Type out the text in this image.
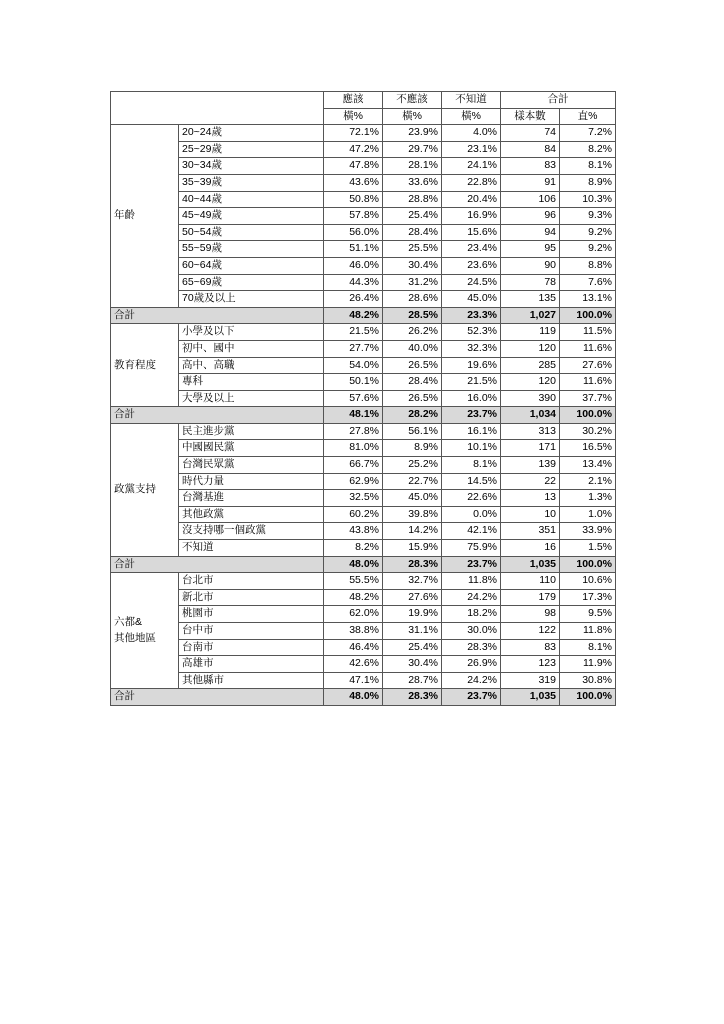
		應該	不應該	不知道	合計	
		橫%	橫%	橫%	樣本數	直%
年齡	20~24歲	72.1%	23.9%	4.0%	74	7.2%
	25~29歲	47.2%	29.7%	23.1%	84	8.2%
	30~34歲	47.8%	28.1%	24.1%	83	8.1%
	35~39歲	43.6%	33.6%	22.8%	91	8.9%
	40~44歲	50.8%	28.8%	20.4%	106	10.3%
	45~49歲	57.8%	25.4%	16.9%	96	9.3%
	50~54歲	56.0%	28.4%	15.6%	94	9.2%
	55~59歲	51.1%	25.5%	23.4%	95	9.2%
	60~64歲	46.0%	30.4%	23.6%	90	8.8%
	65~69歲	44.3%	31.2%	24.5%	78	7.6%
	70歲及以上	26.4%	28.6%	45.0%	135	13.1%
合計		48.2%	28.5%	23.3%	1,027	100.0%
教育程度	小學及以下	21.5%	26.2%	52.3%	119	11.5%
	初中、國中	27.7%	40.0%	32.3%	120	11.6%
	高中、高職	54.0%	26.5%	19.6%	285	27.6%
	專科	50.1%	28.4%	21.5%	120	11.6%
	大學及以上	57.6%	26.5%	16.0%	390	37.7%
合計		48.1%	28.2%	23.7%	1,034	100.0%
政黨支持	民主進步黨	27.8%	56.1%	16.1%	313	30.2%
	中國國民黨	81.0%	8.9%	10.1%	171	16.5%
	台灣民眾黨	66.7%	25.2%	8.1%	139	13.4%
	時代力量	62.9%	22.7%	14.5%	22	2.1%
	台灣基進	32.5%	45.0%	22.6%	13	1.3%
	其他政黨	60.2%	39.8%	0.0%	10	1.0%
	沒支持哪一個政黨	43.8%	14.2%	42.1%	351	33.9%
	不知道	8.2%	15.9%	75.9%	16	1.5%
合計		48.0%	28.3%	23.7%	1,035	100.0%
六都&
其他地區	台北市	55.5%	32.7%	11.8%	110	10.6%
	新北市	48.2%	27.6%	24.2%	179	17.3%
	桃園市	62.0%	19.9%	18.2%	98	9.5%
	台中市	38.8%	31.1%	30.0%	122	11.8%
	台南市	46.4%	25.4%	28.3%	83	8.1%
	高雄市	42.6%	30.4%	26.9%	123	11.9%
	其他縣市	47.1%	28.7%	24.2%	319	30.8%
合計		48.0%	28.3%	23.7%	1,035	100.0%
